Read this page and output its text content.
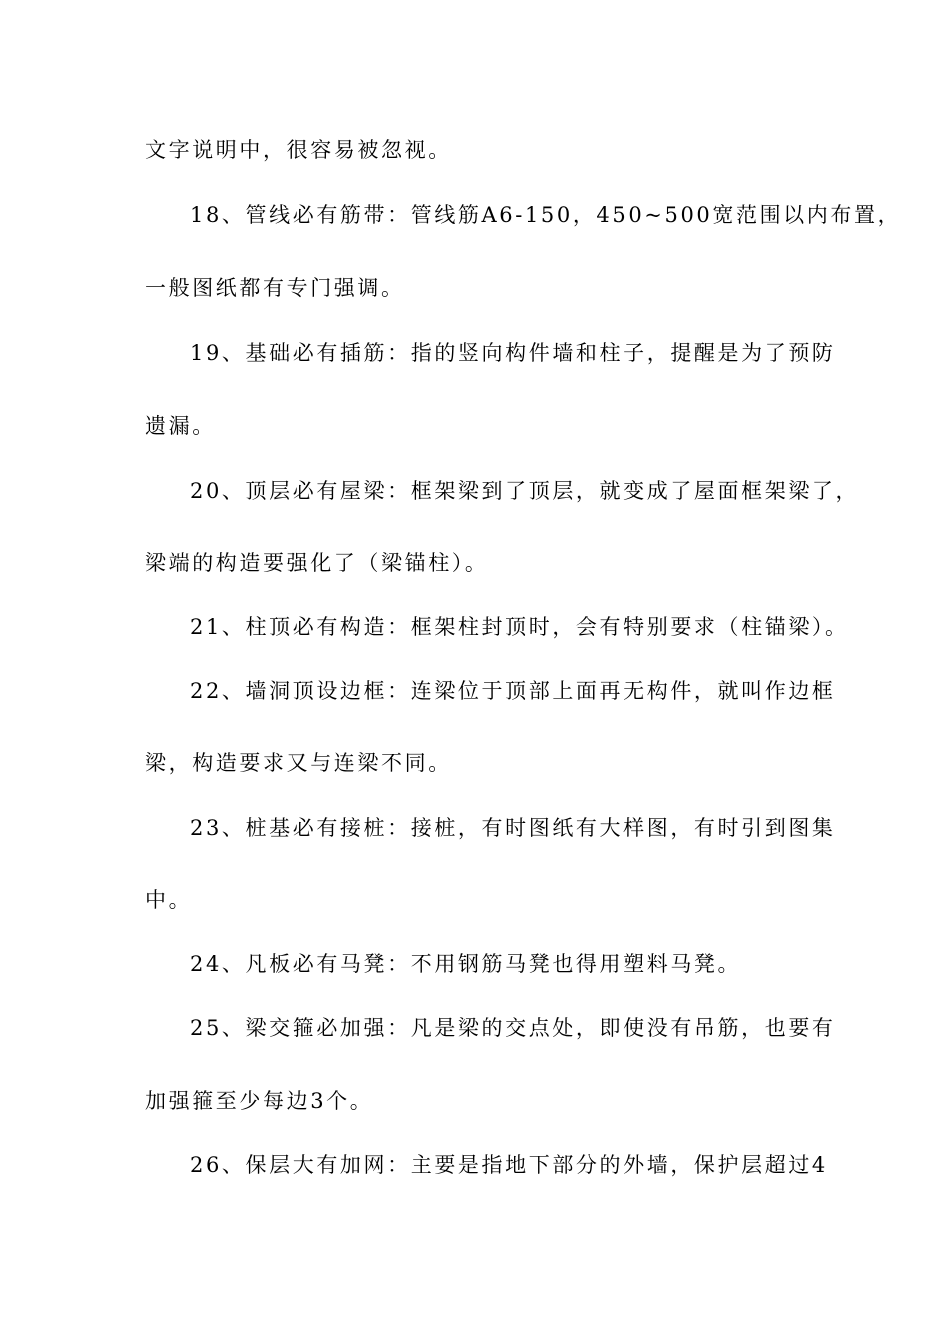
文字说明中，很容易被忽视。
18、管线必有筋带：管线筋A6-150，450~500宽范围以内布置，
一般图纸都有专门强调。
19、基础必有插筋：指的竖向构件墙和柱子，提醒是为了预防
遗漏。
20、顶层必有屋梁：框架梁到了顶层，就变成了屋面框架梁了，
梁端的构造要强化了（梁锚柱）。
21、柱顶必有构造：框架柱封顶时，会有特别要求（柱锚梁）。
22、墙洞顶设边框：连梁位于顶部上面再无构件，就叫作边框
梁，构造要求又与连梁不同。
23、桩基必有接桩：接桩，有时图纸有大样图，有时引到图集
中。
24、凡板必有马凳：不用钢筋马凳也得用塑料马凳。
25、梁交箍必加强：凡是梁的交点处，即使没有吊筋，也要有
加强箍至少每边3个。
26、保层大有加网：主要是指地下部分的外墙，保护层超过4
